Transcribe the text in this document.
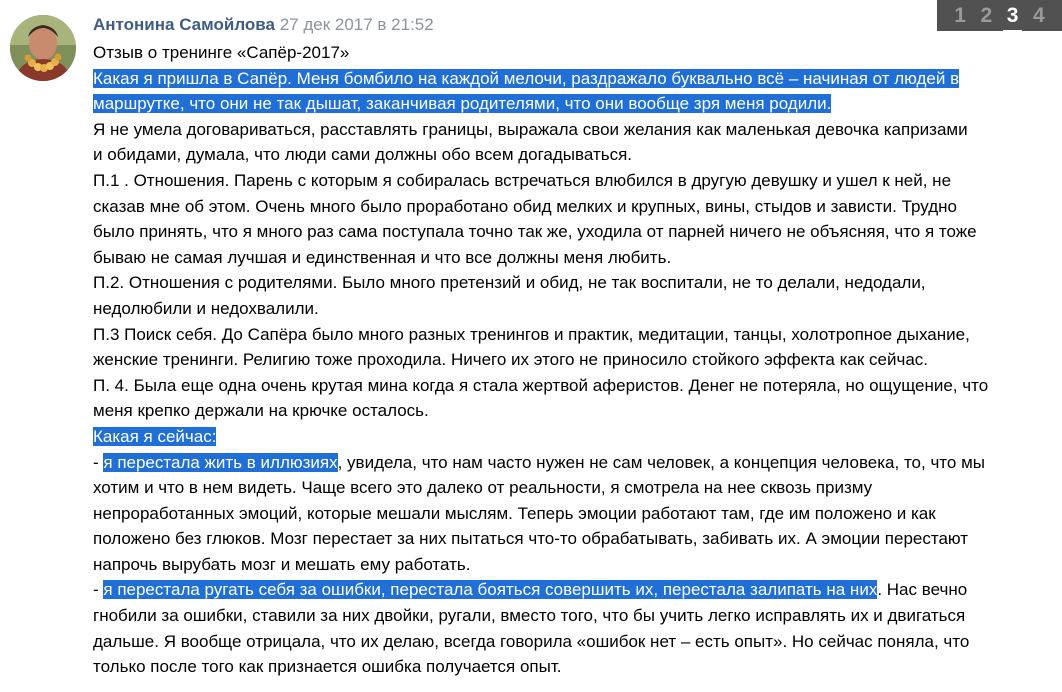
1 2 3 4
Антонина Самойлова 27 дек 2017 в 21:52
Отзыв о тренинге «Сапёр-2017»
Какая я пришла в Сапёр. Меня бомбило на каждой мелочи, раздражало буквально всё – начиная от людей в
маршрутке, что они не так дышат, заканчивая родителями, что они вообще зря меня родили.
Я не умела договариваться, расставлять границы, выражала свои желания как маленькая девочка капризами
и обидами, думала, что люди сами должны обо всем догадываться.
П.1 . Отношения. Парень с которым я собиралась встречаться влюбился в другую девушку и ушел к ней, не
сказав мне об этом. Очень много было проработано обид мелких и крупных, вины, стыдов и зависти. Трудно
было принять, что я много раз сама поступала точно так же, уходила от парней ничего не объясняя, что я тоже
бываю не самая лучшая и единственная и что все должны меня любить.
П.2. Отношения с родителями. Было много претензий и обид, не так воспитали, не то делали, недодали,
недолюбили и недохвалили.
П.3 Поиск себя. До Сапёра было много разных тренингов и практик, медитации, танцы, холотропное дыхание,
женские тренинги. Религию тоже проходила. Ничего их этого не приносило стойкого эффекта как сейчас.
П. 4. Была еще одна очень крутая мина когда я стала жертвой аферистов. Денег не потеряла, но ощущение, что
меня крепко держали на крючке осталось.
Какая я сейчас:
- я перестала жить в иллюзиях, увидела, что нам часто нужен не сам человек, а концепция человека, то, что мы
хотим и что в нем видеть. Чаще всего это далеко от реальности, я смотрела на нее сквозь призму
непроработанных эмоций, которые мешали мыслям. Теперь эмоции работают там, где им положено и как
положено без глюков. Мозг перестает за них пытаться что-то обрабатывать, забивать их. А эмоции перестают
напрочь вырубать мозг и мешать ему работать.
- я перестала ругать себя за ошибки, перестала бояться совершить их, перестала залипать на них. Нас вечно
гнобили за ошибки, ставили за них двойки, ругали, вместо того, что бы учить легко исправлять их и двигаться
дальше. Я вообще отрицала, что их делаю, всегда говорила «ошибок нет – есть опыт». Но сейчас поняла, что
только после того как признается ошибка получается опыт.
